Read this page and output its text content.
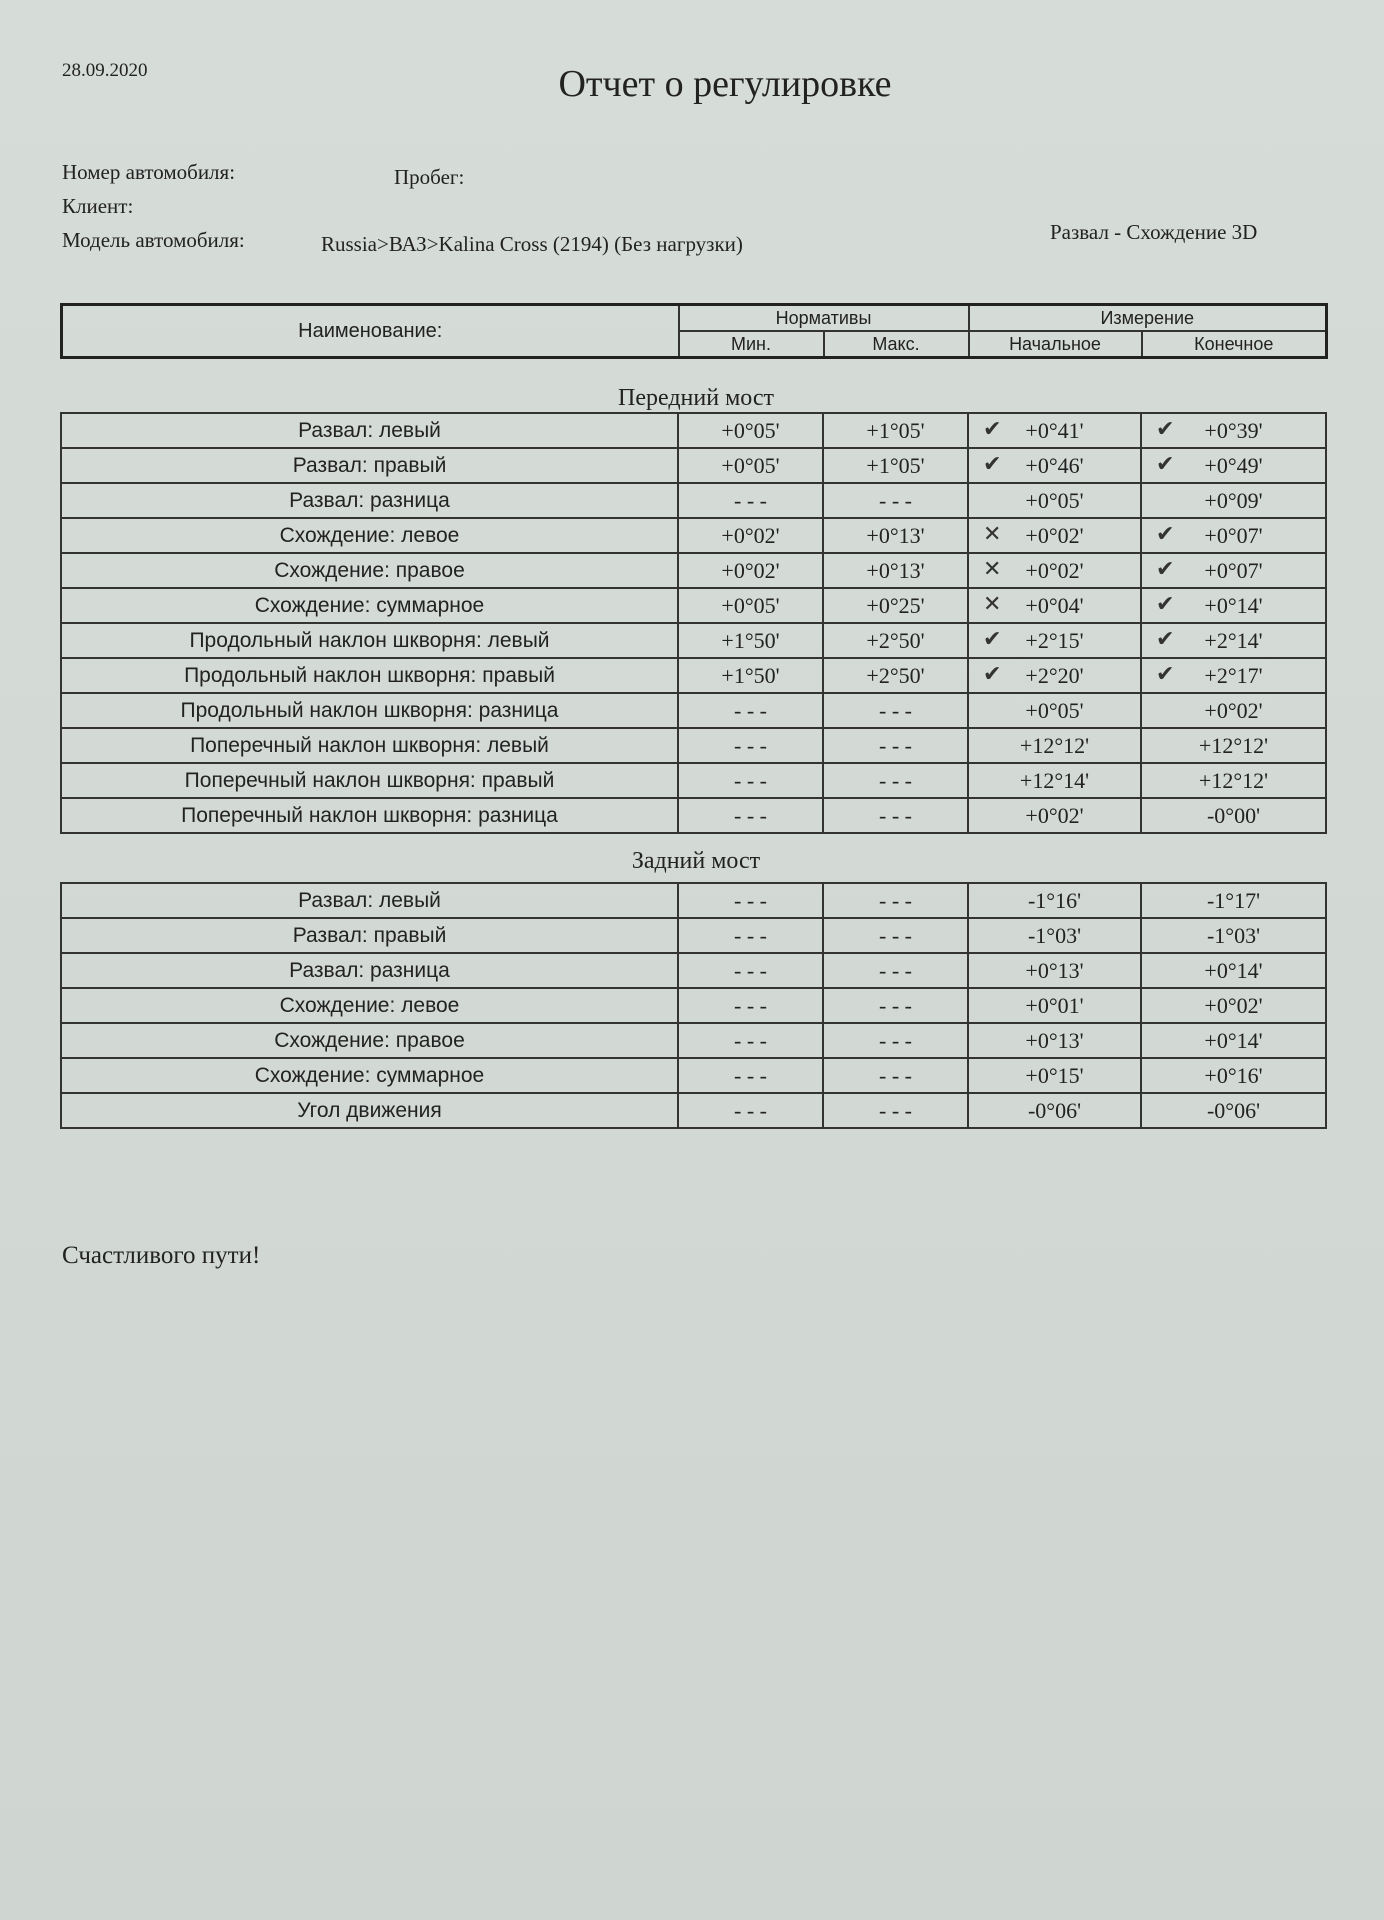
28.09.2020	Отчет о регулировке
Номер автомобиля:	Пробег:
Клиент:
Модель автомобиля:	Russia>ВАЗ>Kalina Cross (2194) (Без нагрузки)	Развал - Схождение 3D
Наименование:	Нормативы		Измерение	
	Мин.	Макс.	Начальное	Конечное
Передний мост
Развал: левый	+0°05'	+1°05'	✔ +0°41'	✔ +0°39'
Развал: правый	+0°05'	+1°05'	✔ +0°46'	✔ +0°49'
Развал: разница	- - -	- - -	+0°05'	+0°09'
Схождение: левое	+0°02'	+0°13'	✕ +0°02'	✔ +0°07'
Схождение: правое	+0°02'	+0°13'	✕ +0°02'	✔ +0°07'
Схождение: суммарное	+0°05'	+0°25'	✕ +0°04'	✔ +0°14'
Продольный наклон шкворня: левый	+1°50'	+2°50'	✔ +2°15'	✔ +2°14'
Продольный наклон шкворня: правый	+1°50'	+2°50'	✔ +2°20'	✔ +2°17'
Продольный наклон шкворня: разница	- - -	- - -	+0°05'	+0°02'
Поперечный наклон шкворня: левый	- - -	- - -	+12°12'	+12°12'
Поперечный наклон шкворня: правый	- - -	- - -	+12°14'	+12°12'
Поперечный наклон шкворня: разница	- - -	- - -	+0°02'	-0°00'
Задний мост
Развал: левый	- - -	- - -	-1°16'	-1°17'
Развал: правый	- - -	- - -	-1°03'	-1°03'
Развал: разница	- - -	- - -	+0°13'	+0°14'
Схождение: левое	- - -	- - -	+0°01'	+0°02'
Схождение: правое	- - -	- - -	+0°13'	+0°14'
Схождение: суммарное	- - -	- - -	+0°15'	+0°16'
Угол движения	- - -	- - -	-0°06'	-0°06'
Счастливого пути!
